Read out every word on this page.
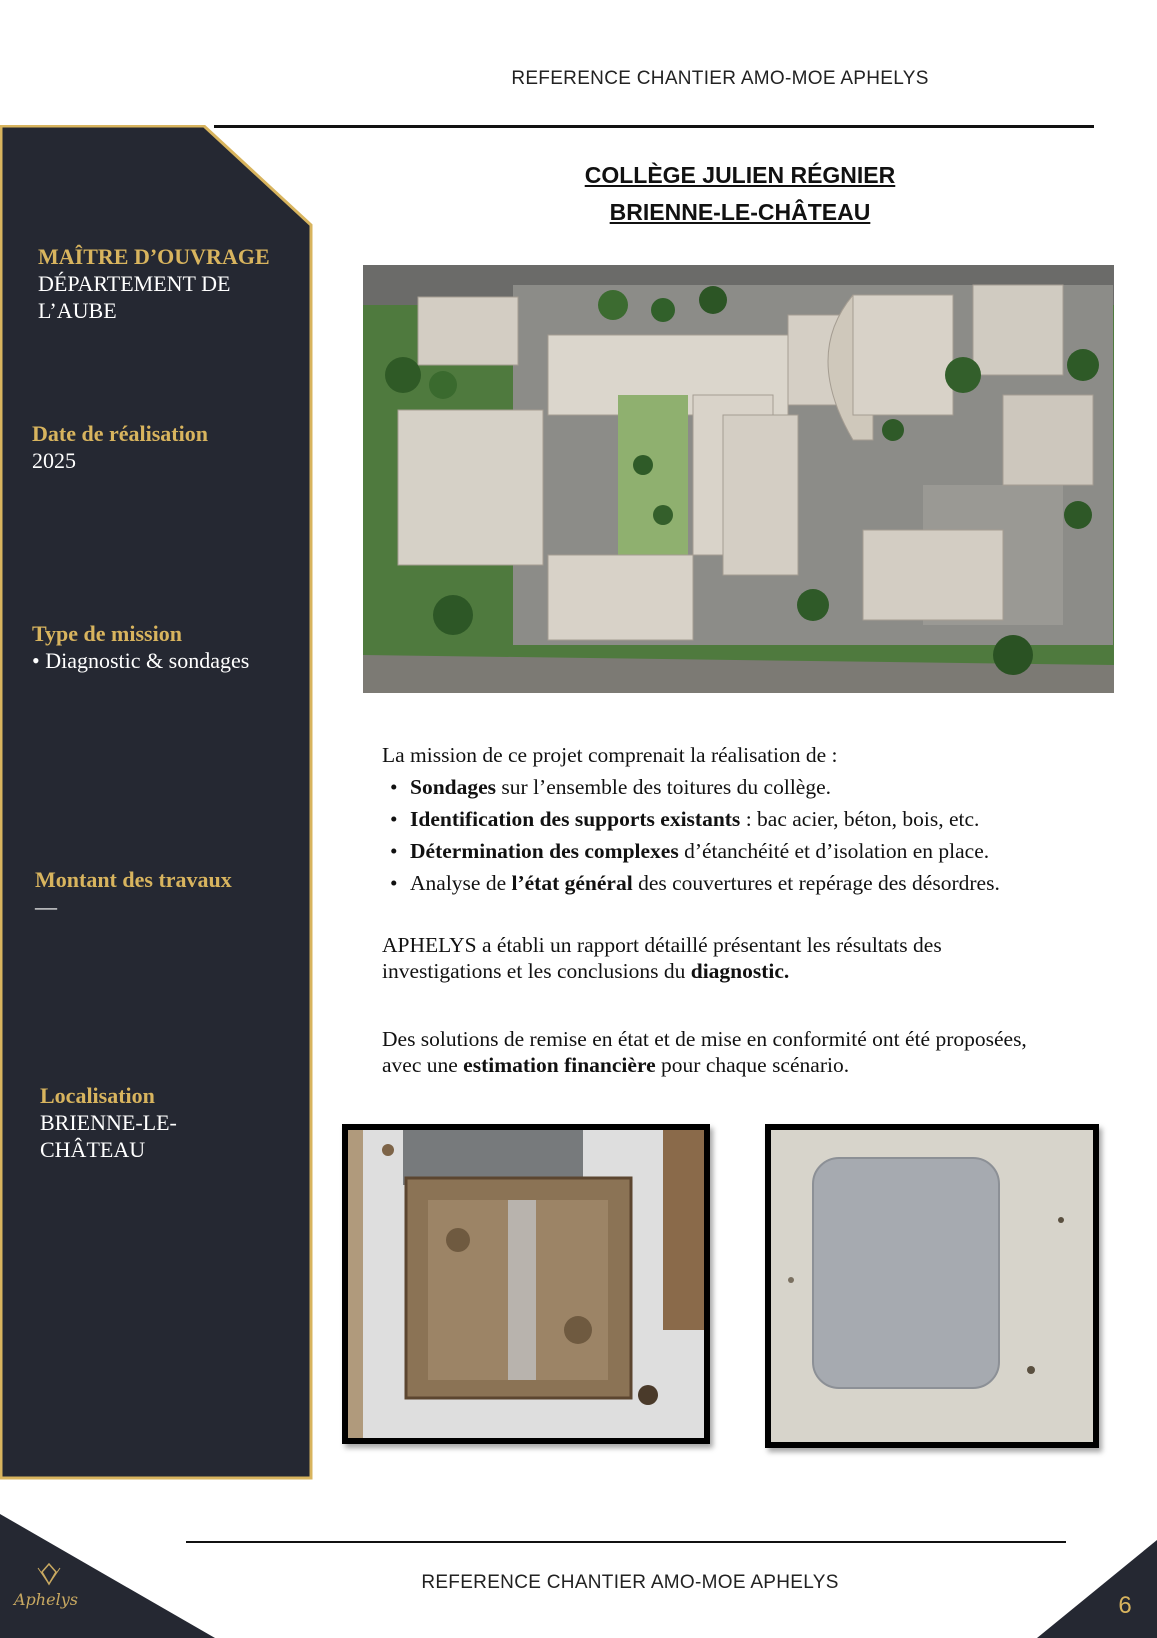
REFERENCE CHANTIER AMO-MOE APHELYS
MAÎTRE D’OUVRAGE
DÉPARTEMENT DE
L’AUBE
Date de réalisation
2025
Type de mission
• Diagnostic & sondages
Montant des travaux
—
Localisation
BRIENNE-LE-
CHÂTEAU
COLLÈGE JULIEN RÉGNIER
BRIENNE-LE-CHÂTEAU
La mission de ce projet comprenait la réalisation de :
• Sondages sur l’ensemble des toitures du collège.
• Identification des supports existants : bac acier, béton, bois, etc.
• Détermination des complexes d’étanchéité et d’isolation en place.
• Analyse de l’état général des couvertures et repérage des désordres.
APHELYS a établi un rapport détaillé présentant les résultats des
investigations et les conclusions du diagnostic.
Des solutions de remise en état et de mise en conformité ont été proposées,
avec une estimation financière pour chaque scénario.
Aphelys
REFERENCE CHANTIER AMO-MOE APHELYS
6
